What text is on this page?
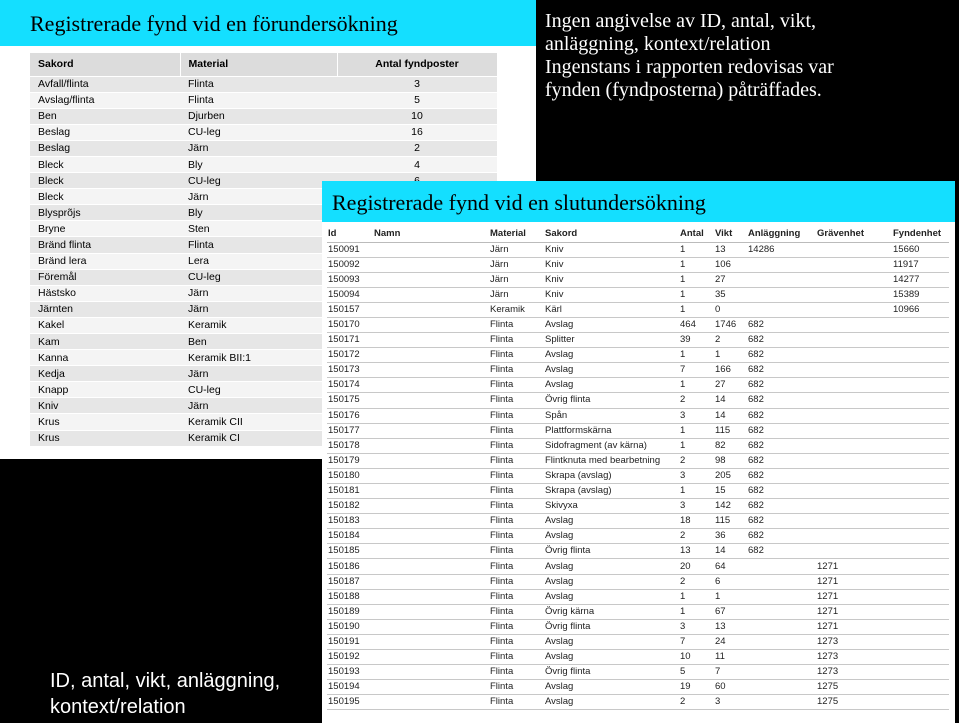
Registrerade fynd vid en förundersökning
Sakord	Material	Antal fyndposter
Avfall/flinta	Flinta	3
Avslag/flinta	Flinta	5
Ben	Djurben	10
Beslag	CU-leg	16
Beslag	Järn	2
Bleck	Bly	4
Bleck	CU-leg	
Bleck	Järn	
Blysprõjs	Bly	
Bryne	Sten	
Bränd flinta	Flinta	
Bränd lera	Lera	
Föremål	CU-leg	
Hästsko	Järn	
Järnten	Järn	
Kakel	Keramik	
Kam	Ben	
Kanna	Keramik BII:1	
Kedja	Järn	
Knapp	CU-leg	
Kniv	Järn	
Krus	Keramik CII	
Krus	Keramik CI	
Ingen angivelse av ID, antal, vikt,
anläggning, kontext/relation
Ingenstans i rapporten redovisas var
fynden (fyndposterna) påträffades.
Registrerade fynd vid en slutundersökning
Id	Namn	Material	Sakord	Antal	Vikt	Anläggning	Grävenhet	Fyndenhet
150091		Järn	Kniv	1	13	14286		15660
150092		Järn	Kniv	1	106			11917
150093		Järn	Kniv	1	27			14277
150094		Järn	Kniv	1	35			15389
150157		Keramik	Kärl	1	0			10966
150170		Flinta	Avslag	464	1746	682		
150171		Flinta	Splitter	39	2	682		
150172		Flinta	Avslag	1	1	682		
150173		Flinta	Avslag	7	166	682		
150174		Flinta	Avslag	1	27	682		
150175		Flinta	Övrig flinta	2	14	682		
150176		Flinta	Spån	3	14	682		
150177		Flinta	Plattformskärna	1	115	682		
150178		Flinta	Sidofragment (av kärna)	1	82	682		
150179		Flinta	Flintknuta med bearbetning	2	98	682		
150180		Flinta	Skrapa (avslag)	3	205	682		
150181		Flinta	Skrapa (avslag)	1	15	682		
150182		Flinta	Skivyxa	3	142	682		
150183		Flinta	Avslag	18	115	682		
150184		Flinta	Avslag	2	36	682		
150185		Flinta	Övrig flinta	13	14	682		
150186		Flinta	Avslag	20	64		1271	
150187		Flinta	Avslag	2	6		1271	
150188		Flinta	Avslag	1	1		1271	
150189		Flinta	Övrig kärna	1	67		1271	
150190		Flinta	Övrig flinta	3	13		1271	
150191		Flinta	Avslag	7	24		1273	
150192		Flinta	Avslag	10	11		1273	
150193		Flinta	Övrig flinta	5	7		1273	
150194		Flinta	Avslag	19	60		1275	
150195		Flinta	Avslag	2	3		1275	
ID, antal, vikt, anläggning,
kontext/relation
